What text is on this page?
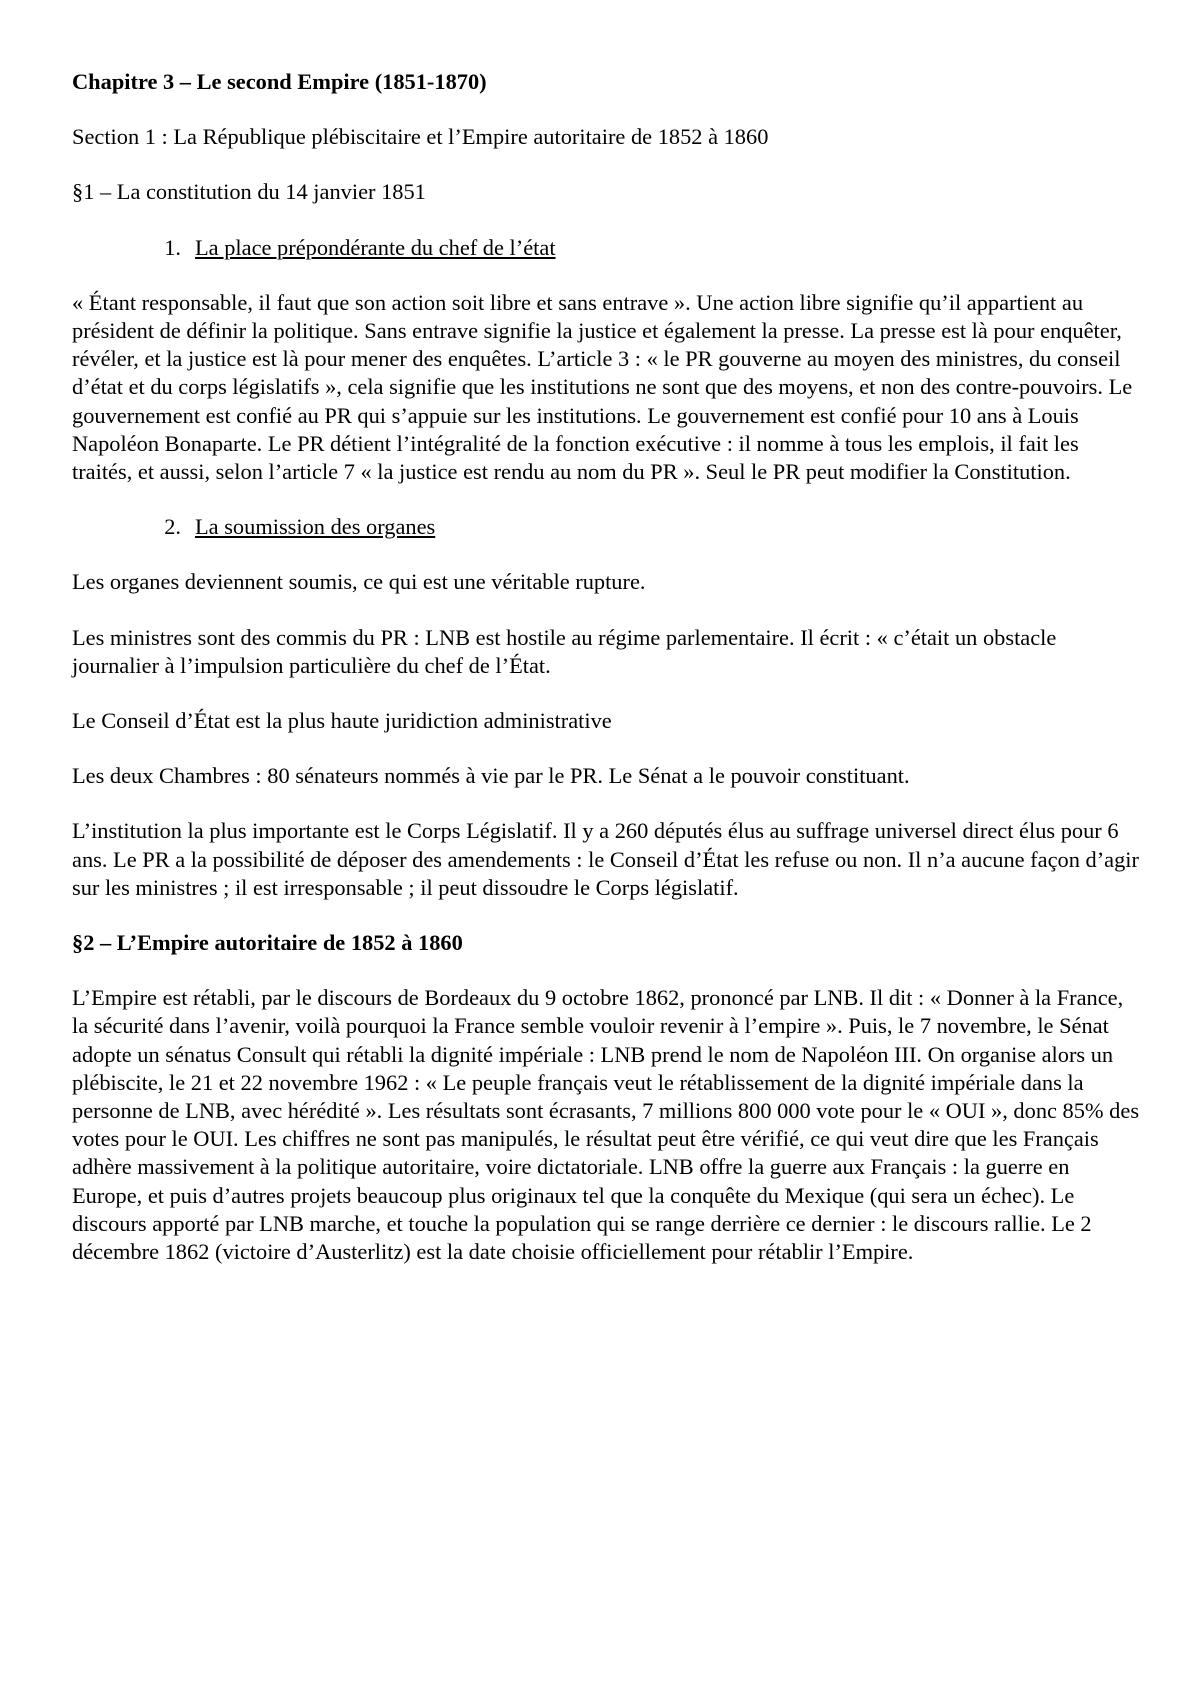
Chapitre 3 – Le second Empire (1851-1870)

Section 1 : La République plébiscitaire et l’Empire autoritaire de 1852 à 1860

§1 – La constitution du 14 janvier 1851

1. La place prépondérante du chef de l’état

« Étant responsable, il faut que son action soit libre et sans entrave ». Une action libre signifie qu’il appartient au président de définir la politique. Sans entrave signifie la justice et également la presse. La presse est là pour enquêter, révéler, et la justice est là pour mener des enquêtes. L’article 3 : « le PR gouverne au moyen des ministres, du conseil d’état et du corps législatifs », cela signifie que les institutions ne sont que des moyens, et non des contre-pouvoirs. Le gouvernement est confié au PR qui s’appuie sur les institutions. Le gouvernement est confié pour 10 ans à Louis Napoléon Bonaparte. Le PR détient l’intégralité de la fonction exécutive : il nomme à tous les emplois, il fait les traités, et aussi, selon l’article 7 « la justice est rendu au nom du PR ». Seul le PR peut modifier la Constitution.

2. La soumission des organes

Les organes deviennent soumis, ce qui est une véritable rupture.

Les ministres sont des commis du PR : LNB est hostile au régime parlementaire. Il écrit : « c’était un obstacle journalier à l’impulsion particulière du chef de l’État.

Le Conseil d’État est la plus haute juridiction administrative

Les deux Chambres : 80 sénateurs nommés à vie par le PR. Le Sénat a le pouvoir constituant.

L’institution la plus importante est le Corps Législatif. Il y a 260 députés élus au suffrage universel direct élus pour 6 ans. Le PR a la possibilité de déposer des amendements : le Conseil d’État les refuse ou non. Il n’a aucune façon d’agir sur les ministres ; il est irresponsable ; il peut dissoudre le Corps législatif.

§2 – L’Empire autoritaire de 1852 à 1860

L’Empire est rétabli, par le discours de Bordeaux du 9 octobre 1862, prononcé par LNB. Il dit : « Donner à la France, la sécurité dans l’avenir, voilà pourquoi la France semble vouloir revenir à l’empire ». Puis, le 7 novembre, le Sénat adopte un sénatus Consult qui rétabli la dignité impériale : LNB prend le nom de Napoléon III. On organise alors un plébiscite, le 21 et 22 novembre 1962 : « Le peuple français veut le rétablissement de la dignité impériale dans la personne de LNB, avec hérédité ». Les résultats sont écrasants, 7 millions 800 000 vote pour le « OUI », donc 85% des votes pour le OUI. Les chiffres ne sont pas manipulés, le résultat peut être vérifié, ce qui veut dire que les Français adhère massivement à la politique autoritaire, voire dictatoriale. LNB offre la guerre aux Français : la guerre en Europe, et puis d’autres projets beaucoup plus originaux tel que la conquête du Mexique (qui sera un échec). Le discours apporté par LNB marche, et touche la population qui se range derrière ce dernier : le discours rallie. Le 2 décembre 1862 (victoire d’Austerlitz) est la date choisie officiellement pour rétablir l’Empire.
